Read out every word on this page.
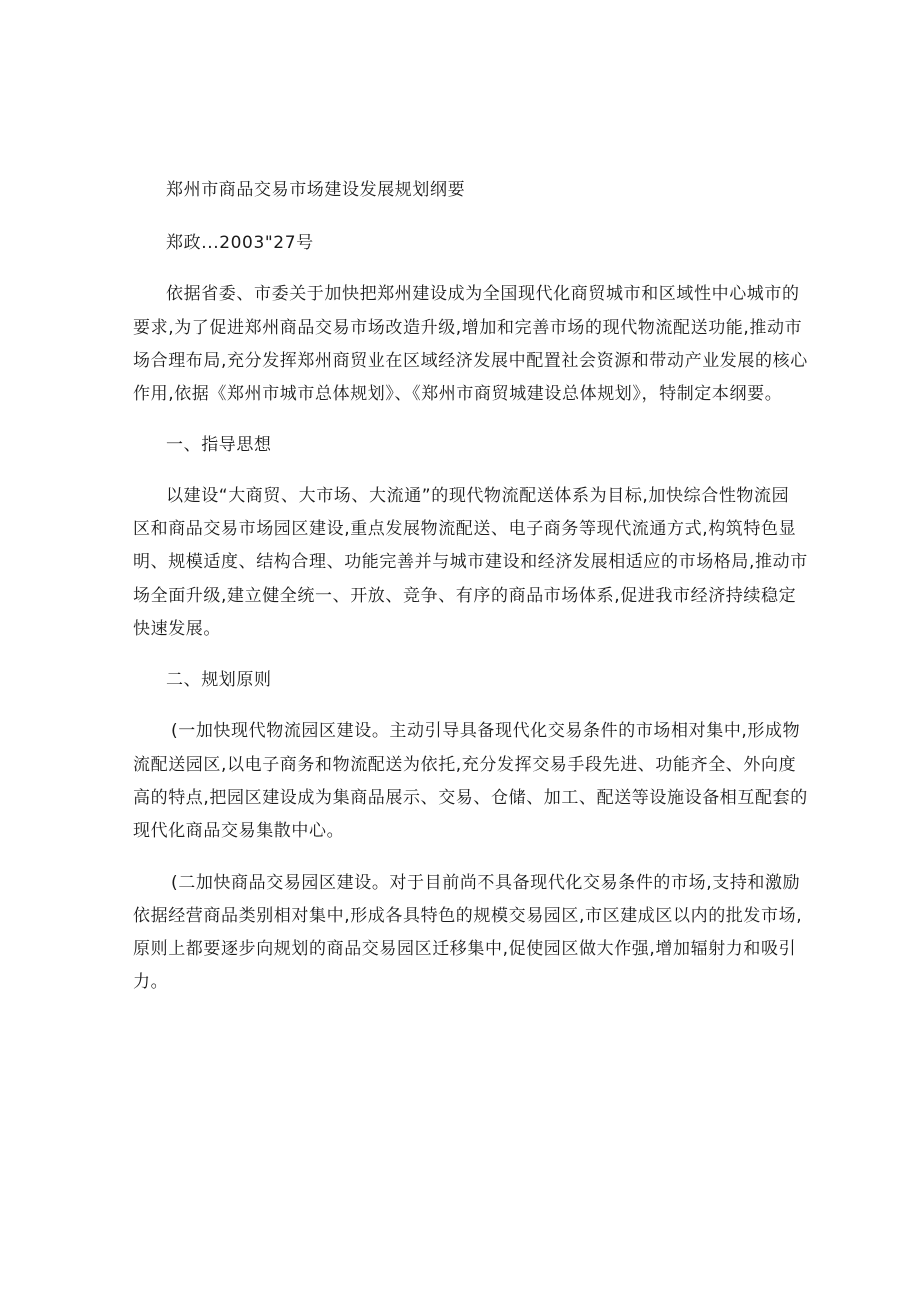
郑州市商品交易市场建设发展规划纲要
郑政...2003"27号
依据省委、市委关于加快把郑州建设成为全国现代化商贸城市和区域性中心城市的
要求,为了促进郑州商品交易市场改造升级,增加和完善市场的现代物流配送功能,推动市
场合理布局,充分发挥郑州商贸业在区域经济发展中配置社会资源和带动产业发展的核心
作用,依据《郑州市城市总体规划》、《郑州市商贸城建设总体规划》，特制定本纲要。
一、指导思想
以建设“大商贸、大市场、大流通”的现代物流配送体系为目标,加快综合性物流园
区和商品交易市场园区建设,重点发展物流配送、电子商务等现代流通方式,构筑特色显
明、规模适度、结构合理、功能完善并与城市建设和经济发展相适应的市场格局,推动市
场全面升级,建立健全统一、开放、竞争、有序的商品市场体系,促进我市经济持续稳定
快速发展。
二、规划原则
(一加快现代物流园区建设。主动引导具备现代化交易条件的市场相对集中,形成物
流配送园区,以电子商务和物流配送为依托,充分发挥交易手段先进、功能齐全、外向度
高的特点,把园区建设成为集商品展示、交易、仓储、加工、配送等设施设备相互配套的
现代化商品交易集散中心。
(二加快商品交易园区建设。对于目前尚不具备现代化交易条件的市场,支持和激励
依据经营商品类别相对集中,形成各具特色的规模交易园区,市区建成区以内的批发市场,
原则上都要逐步向规划的商品交易园区迁移集中,促使园区做大作强,增加辐射力和吸引
力。
